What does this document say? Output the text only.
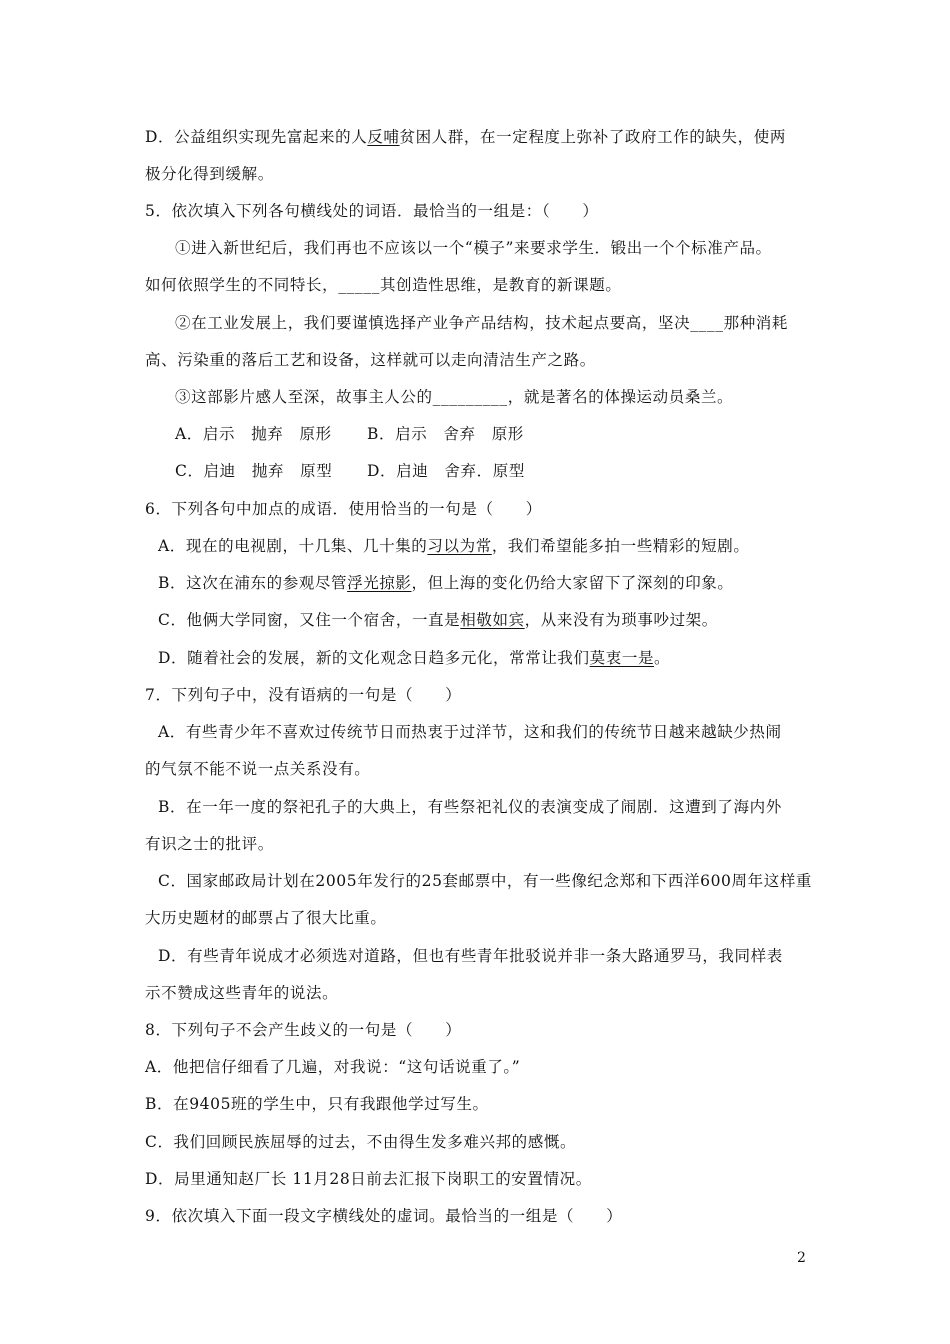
D．公益组织实现先富起来的人反哺贫困人群，在一定程度上弥补了政府工作的缺失，使两
极分化得到缓解。
5．依次填入下列各句横线处的词语．最恰当的一组是：（　　）
①进入新世纪后，我们再也不应该以一个“模子”来要求学生．锻出一个个标准产品。
如何依照学生的不同特长，_____其创造性思维，是教育的新课题。
②在工业发展上，我们要谨慎选择产业争产品结构，技术起点要高，坚决____那种消耗
高、污染重的落后工艺和设备，这样就可以走向清洁生产之路。
③这部影片感人至深，故事主人公的_________，就是著名的体操运动员桑兰。
A．启示　抛弃　原形 B．启示　舍弃　原形
C．启迪　抛弃　原型 D．启迪　舍弃．原型
6．下列各句中加点的成语．使用恰当的一句是（　　）
A．现在的电视剧，十几集、几十集的习以为常，我们希望能多拍一些精彩的短剧。
B．这次在浦东的参观尽管浮光掠影，但上海的变化仍给大家留下了深刻的印象。
C．他俩大学同窗，又住一个宿舍，一直是相敬如宾，从来没有为琐事吵过架。
D．随着社会的发展，新的文化观念日趋多元化，常常让我们莫衷一是。
7．下列句子中，没有语病的一句是（　　）
A．有些青少年不喜欢过传统节日而热衷于过洋节，这和我们的传统节日越来越缺少热闹
的气氛不能不说一点关系没有。
B．在一年一度的祭祀孔子的大典上，有些祭祀礼仪的表演变成了闹剧．这遭到了海内外
有识之士的批评。
C．国家邮政局计划在2005年发行的25套邮票中，有一些像纪念郑和下西洋600周年这样重
大历史题材的邮票占了很大比重。
D．有些青年说成才必须选对道路，但也有些青年批驳说并非一条大路通罗马，我同样表
示不赞成这些青年的说法。
8．下列句子不会产生歧义的一句是（　　）
A．他把信仔细看了几遍，对我说：“这句话说重了。”
B．在9405班的学生中，只有我跟他学过写生。
C．我们回顾民族屈辱的过去，不由得生发多难兴邦的感慨。
D．局里通知赵厂长 11月28日前去汇报下岗职工的安置情况。
9．依次填入下面一段文字横线处的虚词。最恰当的一组是（　　）
2
